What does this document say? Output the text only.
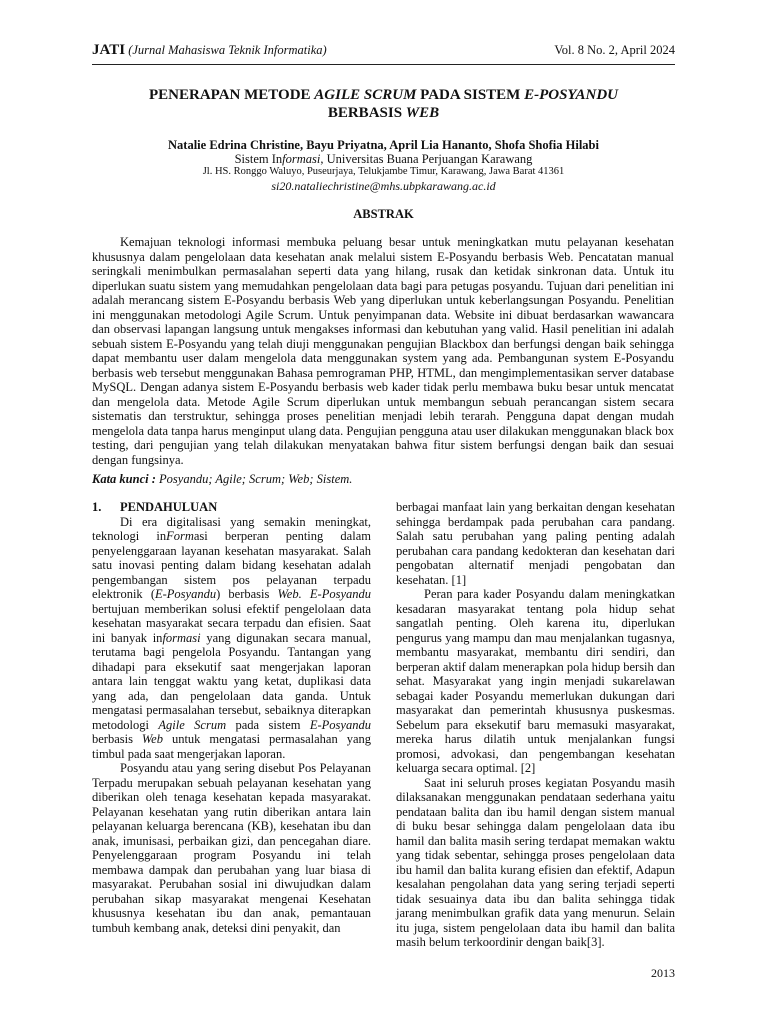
JATI (Jurnal Mahasiswa Teknik Informatika)	Vol. 8 No. 2, April 2024
PENERAPAN METODE AGILE SCRUM PADA SISTEM E-POSYANDU
BERBASIS WEB
Natalie Edrina Christine, Bayu Priyatna, April Lia Hananto, Shofa Shofia Hilabi
Sistem Informasi, Universitas Buana Perjuangan Karawang
Jl. HS. Ronggo Waluyo, Puseurjaya, Telukjambe Timur, Karawang, Jawa Barat 41361
si20.nataliechristine@mhs.ubpkarawang.ac.id
ABSTRAK

Kemajuan teknologi informasi membuka peluang besar untuk meningkatkan mutu pelayanan kesehatan khususnya dalam pengelolaan data kesehatan anak melalui sistem E-Posyandu berbasis Web. Pencatatan manual seringkali menimbulkan permasalahan seperti data yang hilang, rusak dan ketidak sinkronan data. Untuk itu diperlukan suatu sistem yang memudahkan pengelolaan data bagi para petugas posyandu. Tujuan dari penelitian ini adalah merancang sistem E-Posyandu berbasis Web yang diperlukan untuk keberlangsungan Posyandu. Penelitian ini menggunakan metodologi Agile Scrum. Untuk penyimpanan data. Website ini dibuat berdasarkan wawancara dan observasi lapangan langsung untuk mengakses informasi dan kebutuhan yang valid. Hasil penelitian ini adalah sebuah sistem E-Posyandu yang telah diuji menggunakan pengujian Blackbox dan berfungsi dengan baik sehingga dapat membantu user dalam mengelola data menggunakan system yang ada. Pembangunan system E-Posyandu berbasis web tersebut menggunakan Bahasa pemrograman PHP, HTML, dan mengimplementasikan server database MySQL. Dengan adanya sistem E-Posyandu berbasis web kader tidak perlu membawa buku besar untuk mencatat dan mengelola data. Metode Agile Scrum diperlukan untuk membangun sebuah perancangan sistem secara sistematis dan terstruktur, sehingga proses penelitian menjadi lebih terarah. Pengguna dapat dengan mudah mengelola data tanpa harus menginput ulang data. Pengujian pengguna atau user dilakukan menggunakan black box testing, dari pengujian yang telah dilakukan menyatakan bahwa fitur sistem berfungsi dengan baik dan sesuai dengan fungsinya.

Kata kunci : Posyandu; Agile; Scrum; Web; Sistem.
1. PENDAHULUAN

Di era digitalisasi yang semakin meningkat, teknologi inFormasi berperan penting dalam penyelenggaraan layanan kesehatan masyarakat. Salah satu inovasi penting dalam bidang kesehatan adalah pengembangan sistem pos pelayanan terpadu elektronik (E-Posyandu) berbasis Web. E-Posyandu bertujuan memberikan solusi efektif pengelolaan data kesehatan masyarakat secara terpadu dan efisien. Saat ini banyak informasi yang digunakan secara manual, terutama bagi pengelola Posyandu. Tantangan yang dihadapi para eksekutif saat mengerjakan laporan antara lain tenggat waktu yang ketat, duplikasi data yang ada, dan pengelolaan data ganda. Untuk mengatasi permasalahan tersebut, sebaiknya diterapkan metodologi Agile Scrum pada sistem E-Posyandu berbasis Web untuk mengatasi permasalahan yang timbul pada saat mengerjakan laporan.

Posyandu atau yang sering disebut Pos Pelayanan Terpadu merupakan sebuah pelayanan kesehatan yang diberikan oleh tenaga kesehatan kepada masyarakat. Pelayanan kesehatan yang rutin diberikan antara lain pelayanan keluarga berencana (KB), kesehatan ibu dan anak, imunisasi, perbaikan gizi, dan pencegahan diare. Penyelenggaraan program Posyandu ini telah membawa dampak dan perubahan yang luar biasa di masyarakat. Perubahan sosial ini diwujudkan dalam perubahan sikap masyarakat mengenai Kesehatan khususnya kesehatan ibu dan anak, pemantauan tumbuh kembang anak, deteksi dini penyakit, dan

berbagai manfaat lain yang berkaitan dengan kesehatan sehingga berdampak pada perubahan cara pandang. Salah satu perubahan yang paling penting adalah perubahan cara pandang kedokteran dan kesehatan dari pengobatan alternatif menjadi pengobatan dan kesehatan. [1]

Peran para kader Posyandu dalam meningkatkan kesadaran masyarakat tentang pola hidup sehat sangatlah penting. Oleh karena itu, diperlukan pengurus yang mampu dan mau menjalankan tugasnya, membantu masyarakat, membantu diri sendiri, dan berperan aktif dalam menerapkan pola hidup bersih dan sehat. Masyarakat yang ingin menjadi sukarelawan sebagai kader Posyandu memerlukan dukungan dari masyarakat dan pemerintah khususnya puskesmas. Sebelum para eksekutif baru memasuki masyarakat, mereka harus dilatih untuk menjalankan fungsi promosi, advokasi, dan pengembangan kesehatan keluarga secara optimal. [2]

Saat ini seluruh proses kegiatan Posyandu masih dilaksanakan menggunakan pendataan sederhana yaitu pendataan balita dan ibu hamil dengan sistem manual di buku besar sehingga dalam pengelolaan data ibu hamil dan balita masih sering terdapat memakan waktu yang tidak sebentar, sehingga proses pengelolaan data ibu hamil dan balita kurang efisien dan efektif, Adapun kesalahan pengolahan data yang sering terjadi seperti tidak sesuainya data ibu dan balita sehingga tidak jarang menimbulkan grafik data yang menurun. Selain itu juga, sistem pengelolaan data ibu hamil dan balita masih belum terkoordinir dengan baik[3].

2013
